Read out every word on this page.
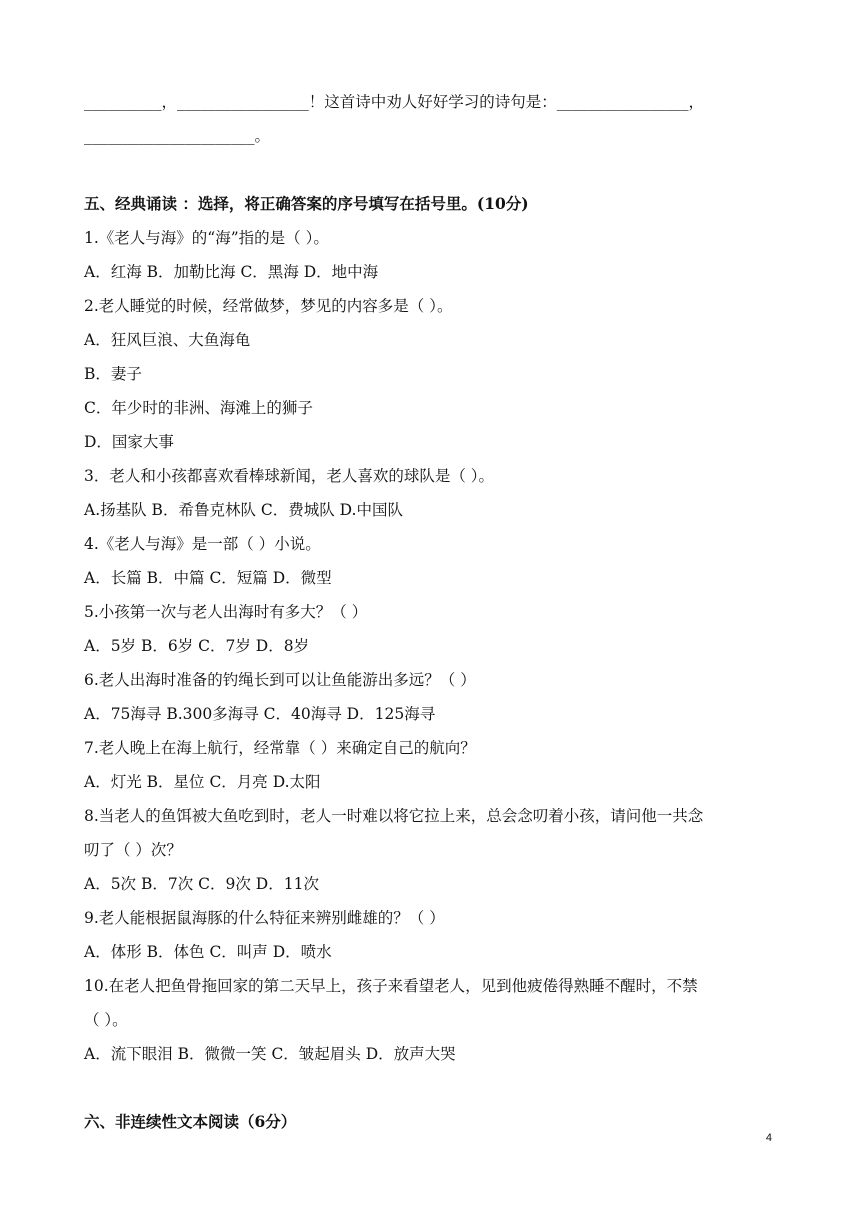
__________，_________________！这首诗中劝人好好学习的诗句是：_________________，
______________________。
五、经典诵读 ：选择，将正确答案的序号填写在括号里。(10分)
1.《老人与海》的“海”指的是（ ）。
A．红海 B．加勒比海 C．黑海 D．地中海
2.老人睡觉的时候，经常做梦，梦见的内容多是（ ）。
A．狂风巨浪、大鱼海龟
B．妻子
C．年少时的非洲、海滩上的狮子
D．国家大事
3．老人和小孩都喜欢看棒球新闻，老人喜欢的球队是（ ）。
A.扬基队 B．希鲁克林队 C．费城队 D.中国队
4.《老人与海》是一部（ ）小说。
A．长篇 B．中篇 C．短篇 D．微型
5.小孩第一次与老人出海时有多大？（ ）
A．5岁 B．6岁 C．7岁 D．8岁
6.老人出海时准备的钓绳长到可以让鱼能游出多远？（ ）
A．75海寻 B.300多海寻 C．40海寻 D．125海寻
7.老人晚上在海上航行，经常靠（ ）来确定自己的航向？
A．灯光 B．星位 C．月亮 D.太阳
8.当老人的鱼饵被大鱼吃到时，老人一时难以将它拉上来，总会念叨着小孩，请问他一共念
叨了（ ）次？
A．5次 B．7次 C．9次 D．11次
9.老人能根据鼠海豚的什么特征来辨别雌雄的？（ ）
A．体形 B．体色 C．叫声 D．喷水
10.在老人把鱼骨拖回家的第二天早上，孩子来看望老人，见到他疲倦得熟睡不醒时，不禁
（ ）。
A．流下眼泪 B．微微一笑 C．皱起眉头 D．放声大哭
六、非连续性文本阅读（6分）
4
